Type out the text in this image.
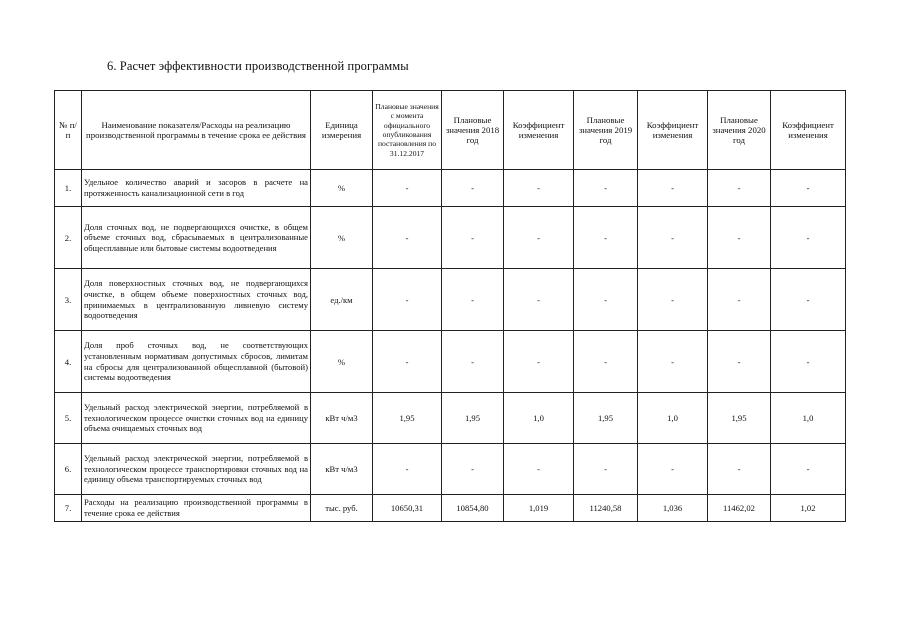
6. Расчет эффективности производственной программы
№ п/п	Наименование показателя/Расходы на реализацию производственной программы в течение срока ее действия	Единица измерения	Плановые значения с момента официального опубликования постановления по 31.12.2017	Плановые значения 2018 год	Коэффициент изменения	Плановые значения 2019 год	Коэффициент изменения	Плановые значения 2020 год	Коэффициент изменения
1.	Удельное количество аварий и засоров в расчете на протяженность канализационной сети в год	%	-	-	-	-	-	-	-
2.	Доля сточных вод, не подвергающихся очистке, в общем объеме сточных вод, сбрасываемых в централизованные общесплавные или бытовые системы водоотведения	%	-	-	-	-	-	-	-
3.	Доля поверхностных сточных вод, не подвергающихся очистке, в общем объеме поверхностных сточных вод, принимаемых в централизованную ливневую систему водоотведения	ед./км	-	-	-	-	-	-	-
4.	Доля проб сточных вод, не соответствующих установленным нормативам допустимых сбросов, лимитам на сбросы для централизованной общесплавной (бытовой) системы водоотведения	%	-	-	-	-	-	-	-
5.	Удельный расход электрической энергии, потребляемой в технологическом процессе очистки сточных вод на единицу объема очищаемых сточных вод	кВт ч/м3	1,95	1,95	1,0	1,95	1,0	1,95	1,0
6.	Удельный расход электрической энергии, потребляемой в технологическом процессе транспортировки сточных вод на единицу объема транспортируемых сточных вод	кВт ч/м3	-	-	-	-	-	-	-
7.	Расходы на реализацию производственной программы в течение срока ее действия	тыс. руб.	10650,31	10854,80	1,019	11240,58	1,036	11462,02	1,02
